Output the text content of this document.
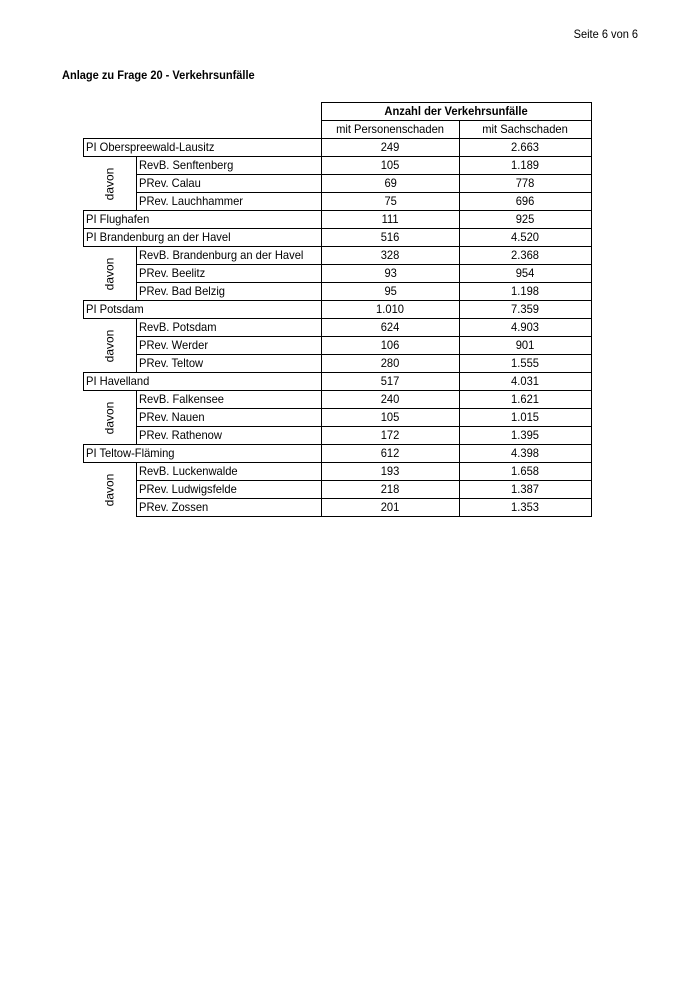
Seite 6 von 6
Anlage zu Frage 20 - Verkehrsunfälle
		Anzahl der Verkehrsunfälle	
		mit Personenschaden	mit Sachschaden
PI Oberspreewald-Lausitz		249	2.663

davon	RevB. Senftenberg	105	1.189
	PRev. Calau	69	778
	PRev. Lauchhammer	75	696
PI Flughafen		111	925
PI Brandenburg an der Havel		516	4.520

davon	RevB. Brandenburg an der Havel	328	2.368
	PRev. Beelitz	93	954
	PRev. Bad Belzig	95	1.198
PI Potsdam		1.010	7.359

davon	RevB. Potsdam	624	4.903
	PRev. Werder	106	901
	PRev. Teltow	280	1.555
PI Havelland		517	4.031

davon	RevB. Falkensee	240	1.621
	PRev. Nauen	105	1.015
	PRev. Rathenow	172	1.395
PI Teltow-Fläming		612	4.398

davon	RevB. Luckenwalde	193	1.658
	PRev. Ludwigsfelde	218	1.387
	PRev. Zossen	201	1.353
